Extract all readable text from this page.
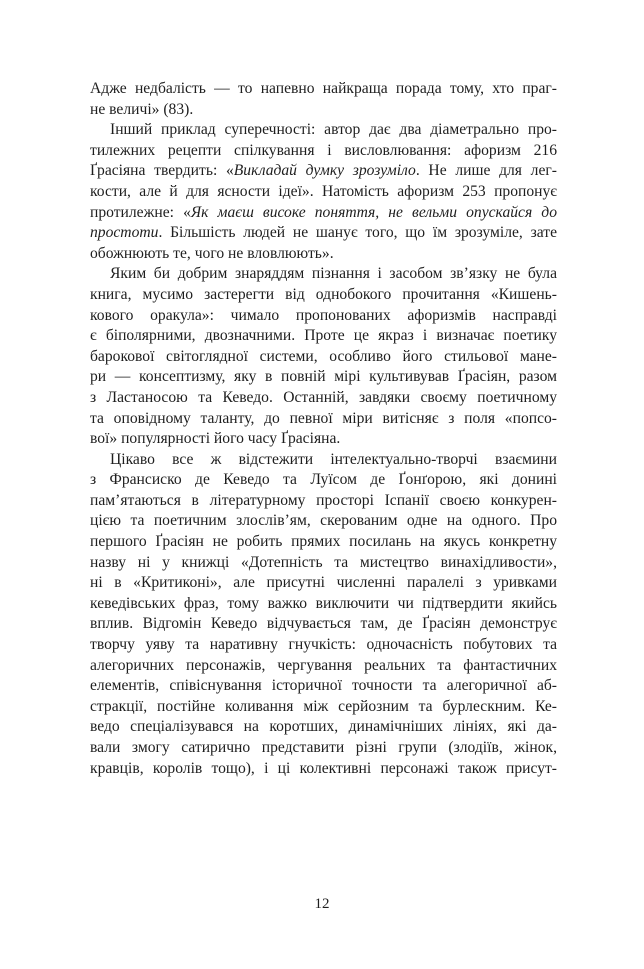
Адже недбалість — то напевно найкраща порада тому, хто праг-
не величі» (83).
Інший приклад суперечності: автор дає два діаметрально про-
тилежних рецепти спілкування і висловлювання: афоризм 216
Ґрасіяна твердить: «Викладай думку зрозуміло. Не лише для лег-
кости, але й для ясности ідеї». Натомість афоризм 253 пропонує
протилежне: «Як маєш високе поняття, не вельми опускайся до
простоти. Більшість людей не шанує того, що їм зрозуміле, зате
обожнюють те, чого не вловлюють».
Яким би добрим знаряддям пізнання і засобом зв’язку не була
книга, мусимо застерегти від однобокого прочитання «Кишень-
кового оракула»: чимало пропонованих афоризмів насправді
є біполярними, двозначними. Проте це якраз і визначає поетику
барокової світоглядної системи, особливо його стильової мане-
ри — консептизму, яку в повній мірі культивував Ґрасіян, разом
з Ластаносою та Кеведо. Останній, завдяки своєму поетичному
та оповідному таланту, до певної міри витісняє з поля «попсо-
вої» популярності його часу Ґрасіяна.
Цікаво все ж відстежити інтелектуально-творчі взаємини
з Франсиско де Кеведо та Луїсом де Ґонґорою, які донині
пам’ятаються в літературному просторі Іспанії своєю конкурен-
цією та поетичним злослів’ям, скерованим одне на одного. Про
першого Ґрасіян не робить прямих посилань на якусь конкретну
назву ні у книжці «Дотепність та мистецтво винахідливости»,
ні в «Критиконі», але присутні численні паралелі з уривками
кеведівських фраз, тому важко виключити чи підтвердити якийсь
вплив. Відгомін Кеведо відчувається там, де Ґрасіян демонструє
творчу уяву та наративну гнучкість: одночасність побутових та
алегоричних персонажів, чергування реальних та фантастичних
елементів, співіснування історичної точности та алегоричної аб-
стракції, постійне коливання між серйозним та бурлескним. Ке-
ведо спеціалізувався на коротших, динамічніших лініях, які да-
вали змогу сатирично представити різні групи (злодіїв, жінок,
кравців, королів тощо), і ці колективні персонажі також присут-
12
